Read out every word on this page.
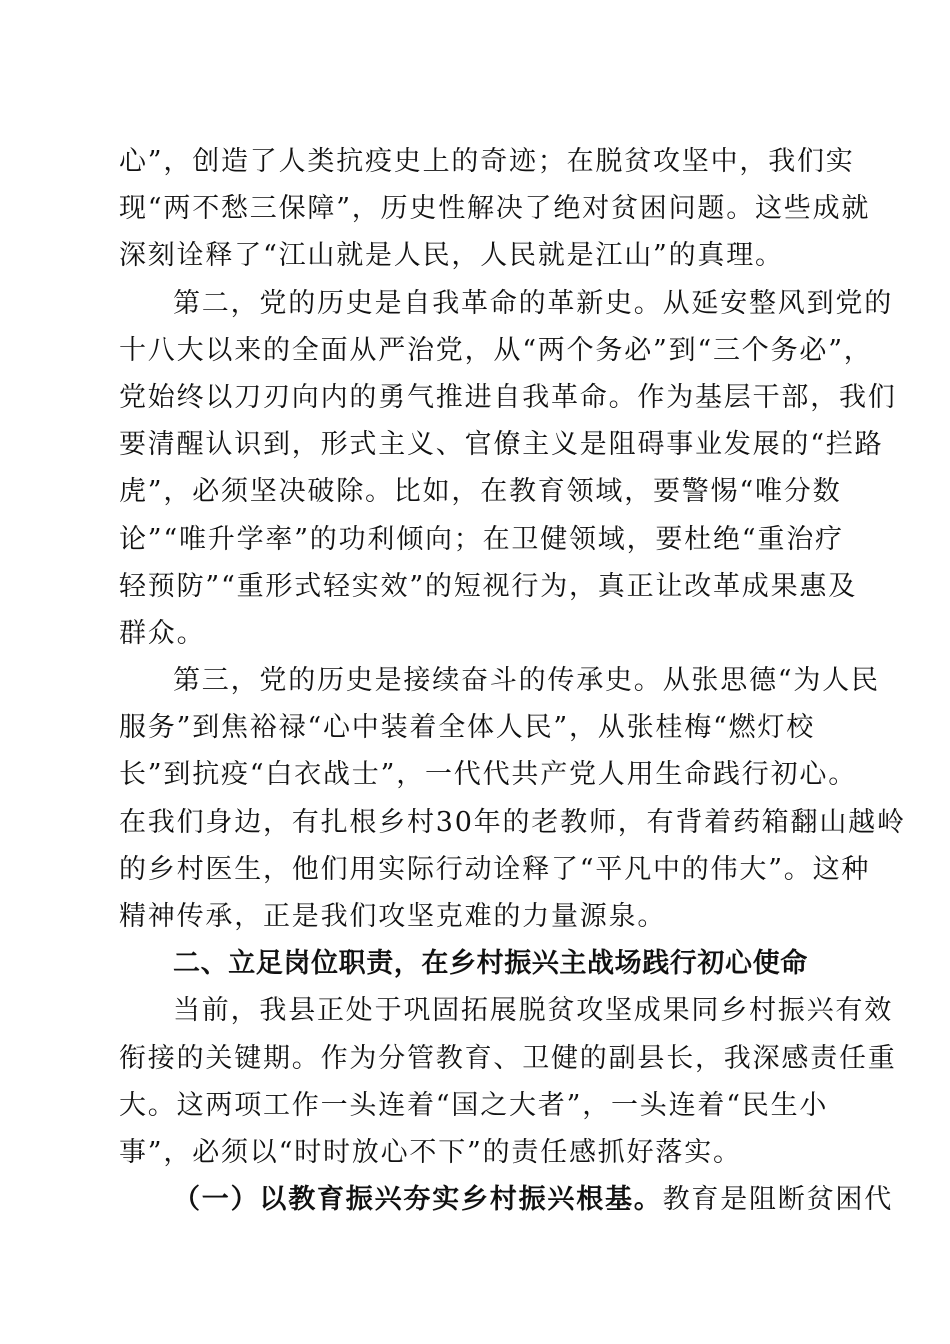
心”，创造了人类抗疫史上的奇迹；在脱贫攻坚中，我们实
现“两不愁三保障”，历史性解决了绝对贫困问题。这些成就
深刻诠释了“江山就是人民，人民就是江山”的真理。
第二，党的历史是自我革命的革新史。从延安整风到党的
十八大以来的全面从严治党，从“两个务必”到“三个务必”，
党始终以刀刃向内的勇气推进自我革命。作为基层干部，我们
要清醒认识到，形式主义、官僚主义是阻碍事业发展的“拦路
虎”，必须坚决破除。比如，在教育领域，要警惕“唯分数
论”“唯升学率”的功利倾向；在卫健领域，要杜绝“重治疗
轻预防”“重形式轻实效”的短视行为，真正让改革成果惠及
群众。
第三，党的历史是接续奋斗的传承史。从张思德“为人民
服务”到焦裕禄“心中装着全体人民”，从张桂梅“燃灯校
长”到抗疫“白衣战士”，一代代共产党人用生命践行初心。
在我们身边，有扎根乡村30年的老教师，有背着药箱翻山越岭
的乡村医生，他们用实际行动诠释了“平凡中的伟大”。这种
精神传承，正是我们攻坚克难的力量源泉。
二、立足岗位职责，在乡村振兴主战场践行初心使命
当前，我县正处于巩固拓展脱贫攻坚成果同乡村振兴有效
衔接的关键期。作为分管教育、卫健的副县长，我深感责任重
大。这两项工作一头连着“国之大者”，一头连着“民生小
事”，必须以“时时放心不下”的责任感抓好落实。
（一）以教育振兴夯实乡村振兴根基。教育是阻断贫困代
